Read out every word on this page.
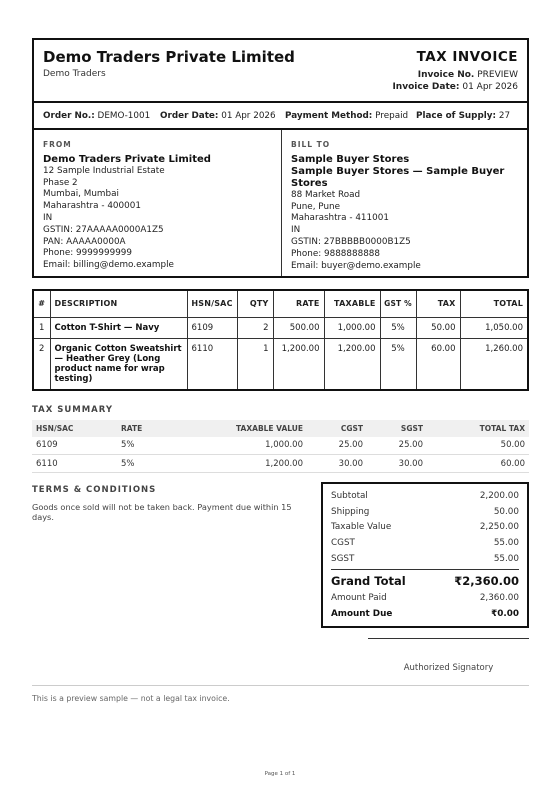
Demo Traders Private Limited
Demo Traders
TAX INVOICE
Invoice No. PREVIEW
Invoice Date: 01 Apr 2026
Order No.: DEMO-1001	Order Date: 01 Apr 2026	Payment Method: Prepaid Place of Supply: 27
FROM
Demo Traders Private Limited
12 Sample Industrial Estate
Phase 2
Mumbai, Mumbai
Maharashtra - 400001
IN
GSTIN: 27AAAAA0000A1Z5
PAN: AAAAA0000A
Phone: 9999999999
Email: billing@demo.example
BILL TO
Sample Buyer Stores
Sample Buyer Stores — Sample Buyer Stores
88 Market Road
Pune, Pune
Maharashtra - 411001
IN
GSTIN: 27BBBBB0000B1Z5
Phone: 9888888888
Email: buyer@demo.example
#	DESCRIPTION	HSN/SAC	QTY	RATE	TAXABLE	GST %	TAX	TOTAL
1	Cotton T-Shirt — Navy	6109	2	500.00	1,000.00	5%	50.00	1,050.00
2	Organic Cotton Sweatshirt — Heather Grey (Long product name for wrap testing)	6110	1	1,200.00	1,200.00	5%	60.00	1,260.00
TAX SUMMARY
HSN/SAC	RATE	TAXABLE VALUE	CGST	SGST	TOTAL TAX
6109	5%	1,000.00	25.00	25.00	50.00
6110	5%	1,200.00	30.00	30.00	60.00
TERMS & CONDITIONS
Goods once sold will not be taken back. Payment due within 15 days.
Subtotal	2,200.00
Shipping	50.00
Taxable Value	2,250.00
CGST	55.00
SGST	55.00
Grand Total	₹2,360.00
Amount Paid	2,360.00
Amount Due	₹0.00
Authorized Signatory
This is a preview sample — not a legal tax invoice.
Page 1 of 1
